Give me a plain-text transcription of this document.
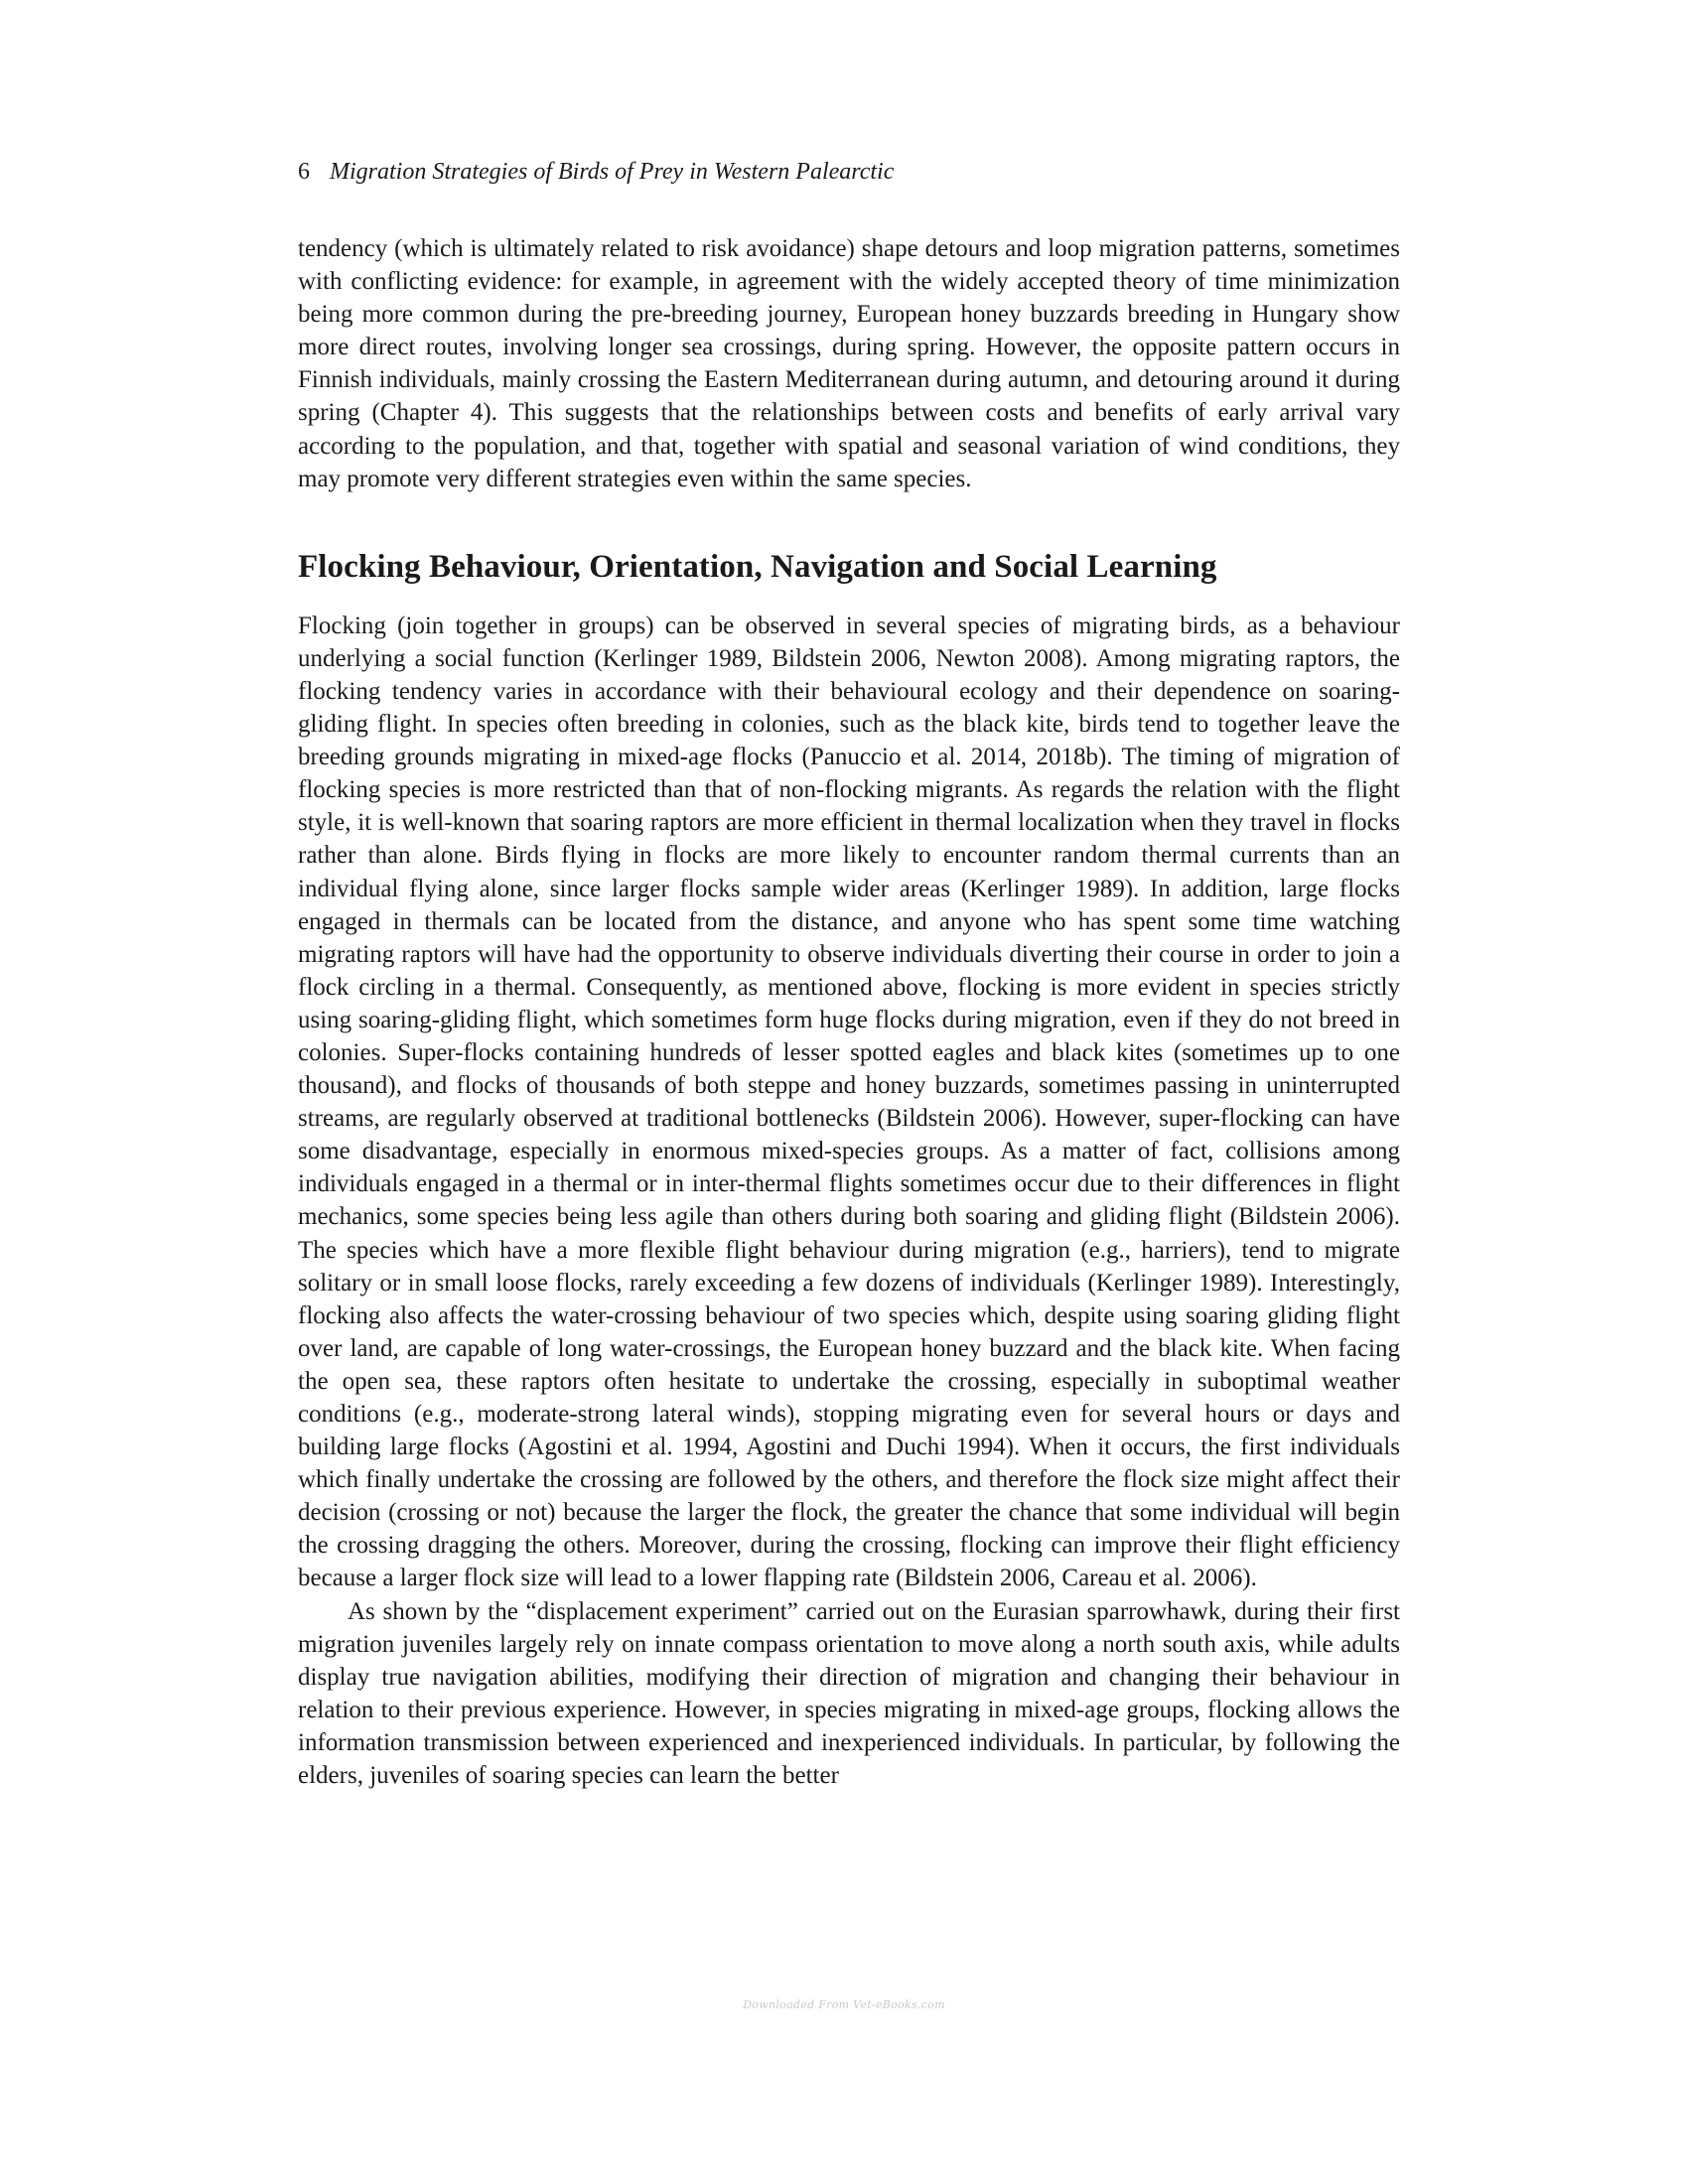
6 Migration Strategies of Birds of Prey in Western Palearctic

tendency (which is ultimately related to risk avoidance) shape detours and loop migration patterns, sometimes with conflicting evidence: for example, in agreement with the widely accepted theory of time minimization being more common during the pre-breeding journey, European honey buzzards breeding in Hungary show more direct routes, involving longer sea crossings, during spring. However, the opposite pattern occurs in Finnish individuals, mainly crossing the Eastern Mediterranean during autumn, and detouring around it during spring (Chapter 4). This suggests that the relationships between costs and benefits of early arrival vary according to the population, and that, together with spatial and seasonal variation of wind conditions, they may promote very different strategies even within the same species.

Flocking Behaviour, Orientation, Navigation and Social Learning

Flocking (join together in groups) can be observed in several species of migrating birds, as a behaviour underlying a social function (Kerlinger 1989, Bildstein 2006, Newton 2008). Among migrating raptors, the flocking tendency varies in accordance with their behavioural ecology and their dependence on soaring-gliding flight. In species often breeding in colonies, such as the black kite, birds tend to together leave the breeding grounds migrating in mixed-age flocks (Panuccio et al. 2014, 2018b). The timing of migration of flocking species is more restricted than that of non-flocking migrants. As regards the relation with the flight style, it is well-known that soaring raptors are more efficient in thermal localization when they travel in flocks rather than alone. Birds flying in flocks are more likely to encounter random thermal currents than an individual flying alone, since larger flocks sample wider areas (Kerlinger 1989). In addition, large flocks engaged in thermals can be located from the distance, and anyone who has spent some time watching migrating raptors will have had the opportunity to observe individuals diverting their course in order to join a flock circling in a thermal. Consequently, as mentioned above, flocking is more evident in species strictly using soaring-gliding flight, which sometimes form huge flocks during migration, even if they do not breed in colonies. Super-flocks containing hundreds of lesser spotted eagles and black kites (sometimes up to one thousand), and flocks of thousands of both steppe and honey buzzards, sometimes passing in uninterrupted streams, are regularly observed at traditional bottlenecks (Bildstein 2006). However, super-flocking can have some disadvantage, especially in enormous mixed-species groups. As a matter of fact, collisions among individuals engaged in a thermal or in inter-thermal flights sometimes occur due to their differences in flight mechanics, some species being less agile than others during both soaring and gliding flight (Bildstein 2006). The species which have a more flexible flight behaviour during migration (e.g., harriers), tend to migrate solitary or in small loose flocks, rarely exceeding a few dozens of individuals (Kerlinger 1989). Interestingly, flocking also affects the water-crossing behaviour of two species which, despite using soaring gliding flight over land, are capable of long water-crossings, the European honey buzzard and the black kite. When facing the open sea, these raptors often hesitate to undertake the crossing, especially in suboptimal weather conditions (e.g., moderate-strong lateral winds), stopping migrating even for several hours or days and building large flocks (Agostini et al. 1994, Agostini and Duchi 1994). When it occurs, the first individuals which finally undertake the crossing are followed by the others, and therefore the flock size might affect their decision (crossing or not) because the larger the flock, the greater the chance that some individual will begin the crossing dragging the others. Moreover, during the crossing, flocking can improve their flight efficiency because a larger flock size will lead to a lower flapping rate (Bildstein 2006, Careau et al. 2006).

As shown by the “displacement experiment” carried out on the Eurasian sparrowhawk, during their first migration juveniles largely rely on innate compass orientation to move along a north south axis, while adults display true navigation abilities, modifying their direction of migration and changing their behaviour in relation to their previous experience. However, in species migrating in mixed-age groups, flocking allows the information transmission between experienced and inexperienced individuals. In particular, by following the elders, juveniles of soaring species can learn the better

Downloaded From Vet-eBooks.com
